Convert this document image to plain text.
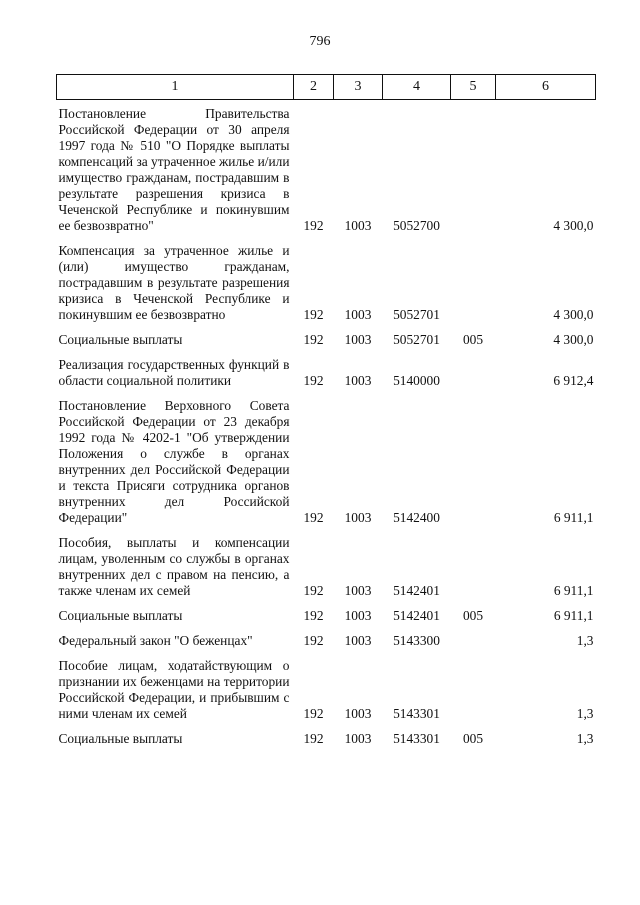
796
1	2	3	4	5	6
Постановление Правительства Российской Федерации от 30 апреля 1997 года № 510 "О Порядке выплаты компенсаций за утраченное жилье и/или имущество гражданам, пострадавшим в результате разрешения кризиса в Чеченской Республике и покинувшим ее безвозвратно"	192	1003	5052700		4 300,0
Компенсация за утраченное жилье и (или) имущество гражданам, пострадавшим в результате разрешения кризиса в Чеченской Республике и покинувшим ее безвозвратно	192	1003	5052701		4 300,0
Социальные выплаты	192	1003	5052701	005	4 300,0
Реализация государственных функций в области социальной политики	192	1003	5140000		6 912,4
Постановление Верховного Совета Российской Федерации от 23 декабря 1992 года № 4202-1 "Об утверждении Положения о службе в органах внутренних дел Российской Федерации и текста Присяги сотрудника органов внутренних дел Российской Федерации"	192	1003	5142400		6 911,1
Пособия, выплаты и компенсации лицам, уволенным со службы в органах внутренних дел с правом на пенсию, а также членам их семей	192	1003	5142401		6 911,1
Социальные выплаты	192	1003	5142401	005	6 911,1
Федеральный закон "О беженцах"	192	1003	5143300		1,3
Пособие лицам, ходатайствующим о признании их беженцами на территории Российской Федерации, и прибывшим с ними членам их семей	192	1003	5143301		1,3
Социальные выплаты	192	1003	5143301	005	1,3
